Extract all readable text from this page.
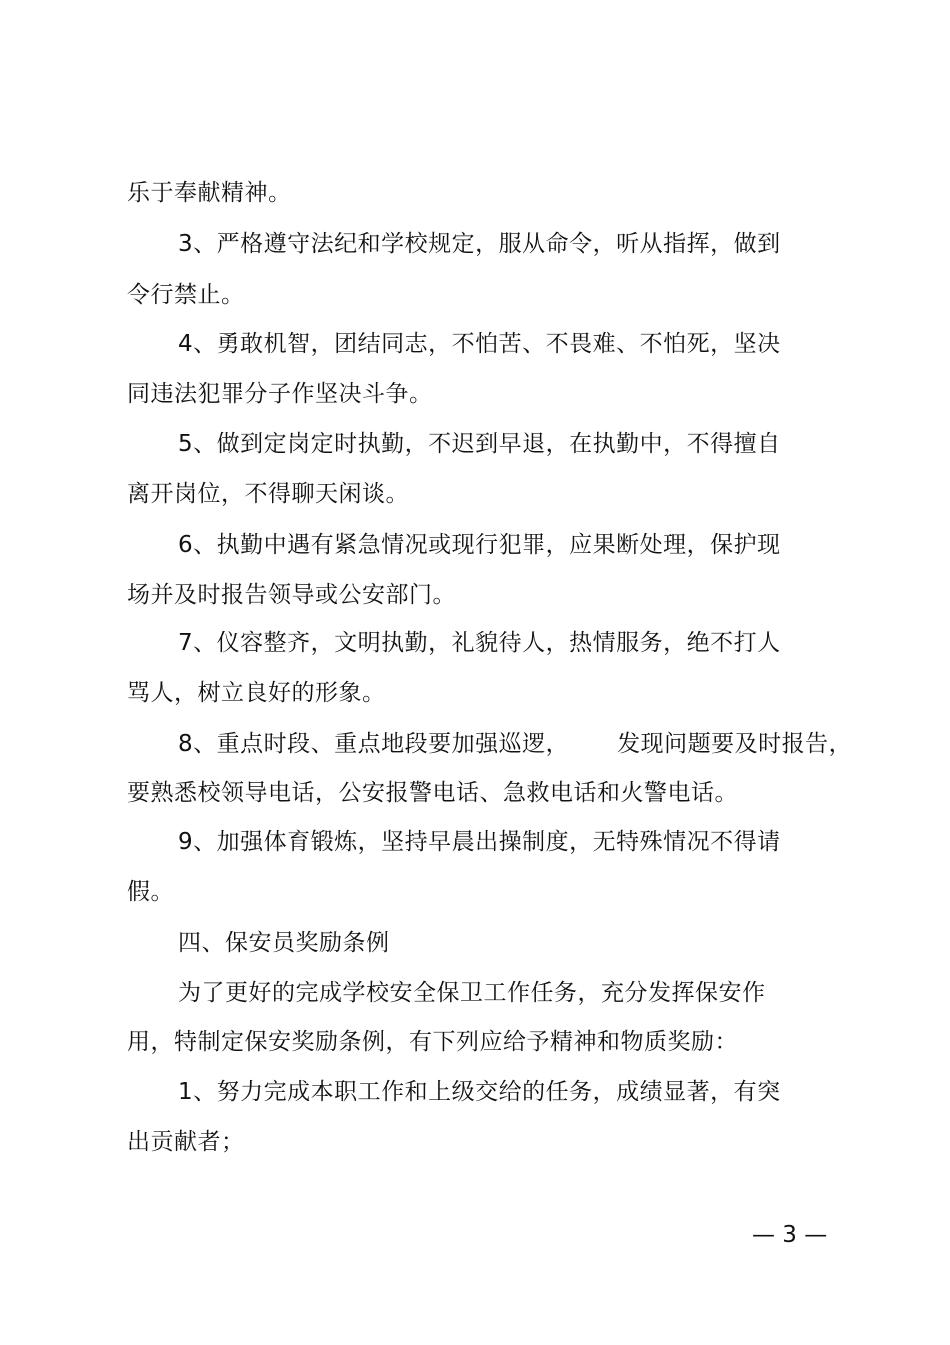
乐于奉献精神。
3、严格遵守法纪和学校规定，服从命令，听从指挥，做到
令行禁止。
4、勇敢机智，团结同志，不怕苦、不畏难、不怕死，坚决
同违法犯罪分子作坚决斗争。
5、做到定岗定时执勤，不迟到早退，在执勤中，不得擅自
离开岗位，不得聊天闲谈。
6、执勤中遇有紧急情况或现行犯罪，应果断处理，保护现
场并及时报告领导或公安部门。
7、仪容整齐，文明执勤，礼貌待人，热情服务，绝不打人
骂人，树立良好的形象。
8、重点时段、重点地段要加强巡逻， 发现问题要及时报告，
要熟悉校领导电话，公安报警电话、急救电话和火警电话。
9、加强体育锻炼，坚持早晨出操制度，无特殊情况不得请
假。
四、保安员奖励条例
为了更好的完成学校安全保卫工作任务，充分发挥保安作
用，特制定保安奖励条例，有下列应给予精神和物质奖励：
1、努力完成本职工作和上级交给的任务，成绩显著，有突
出贡献者；
— 3 —
